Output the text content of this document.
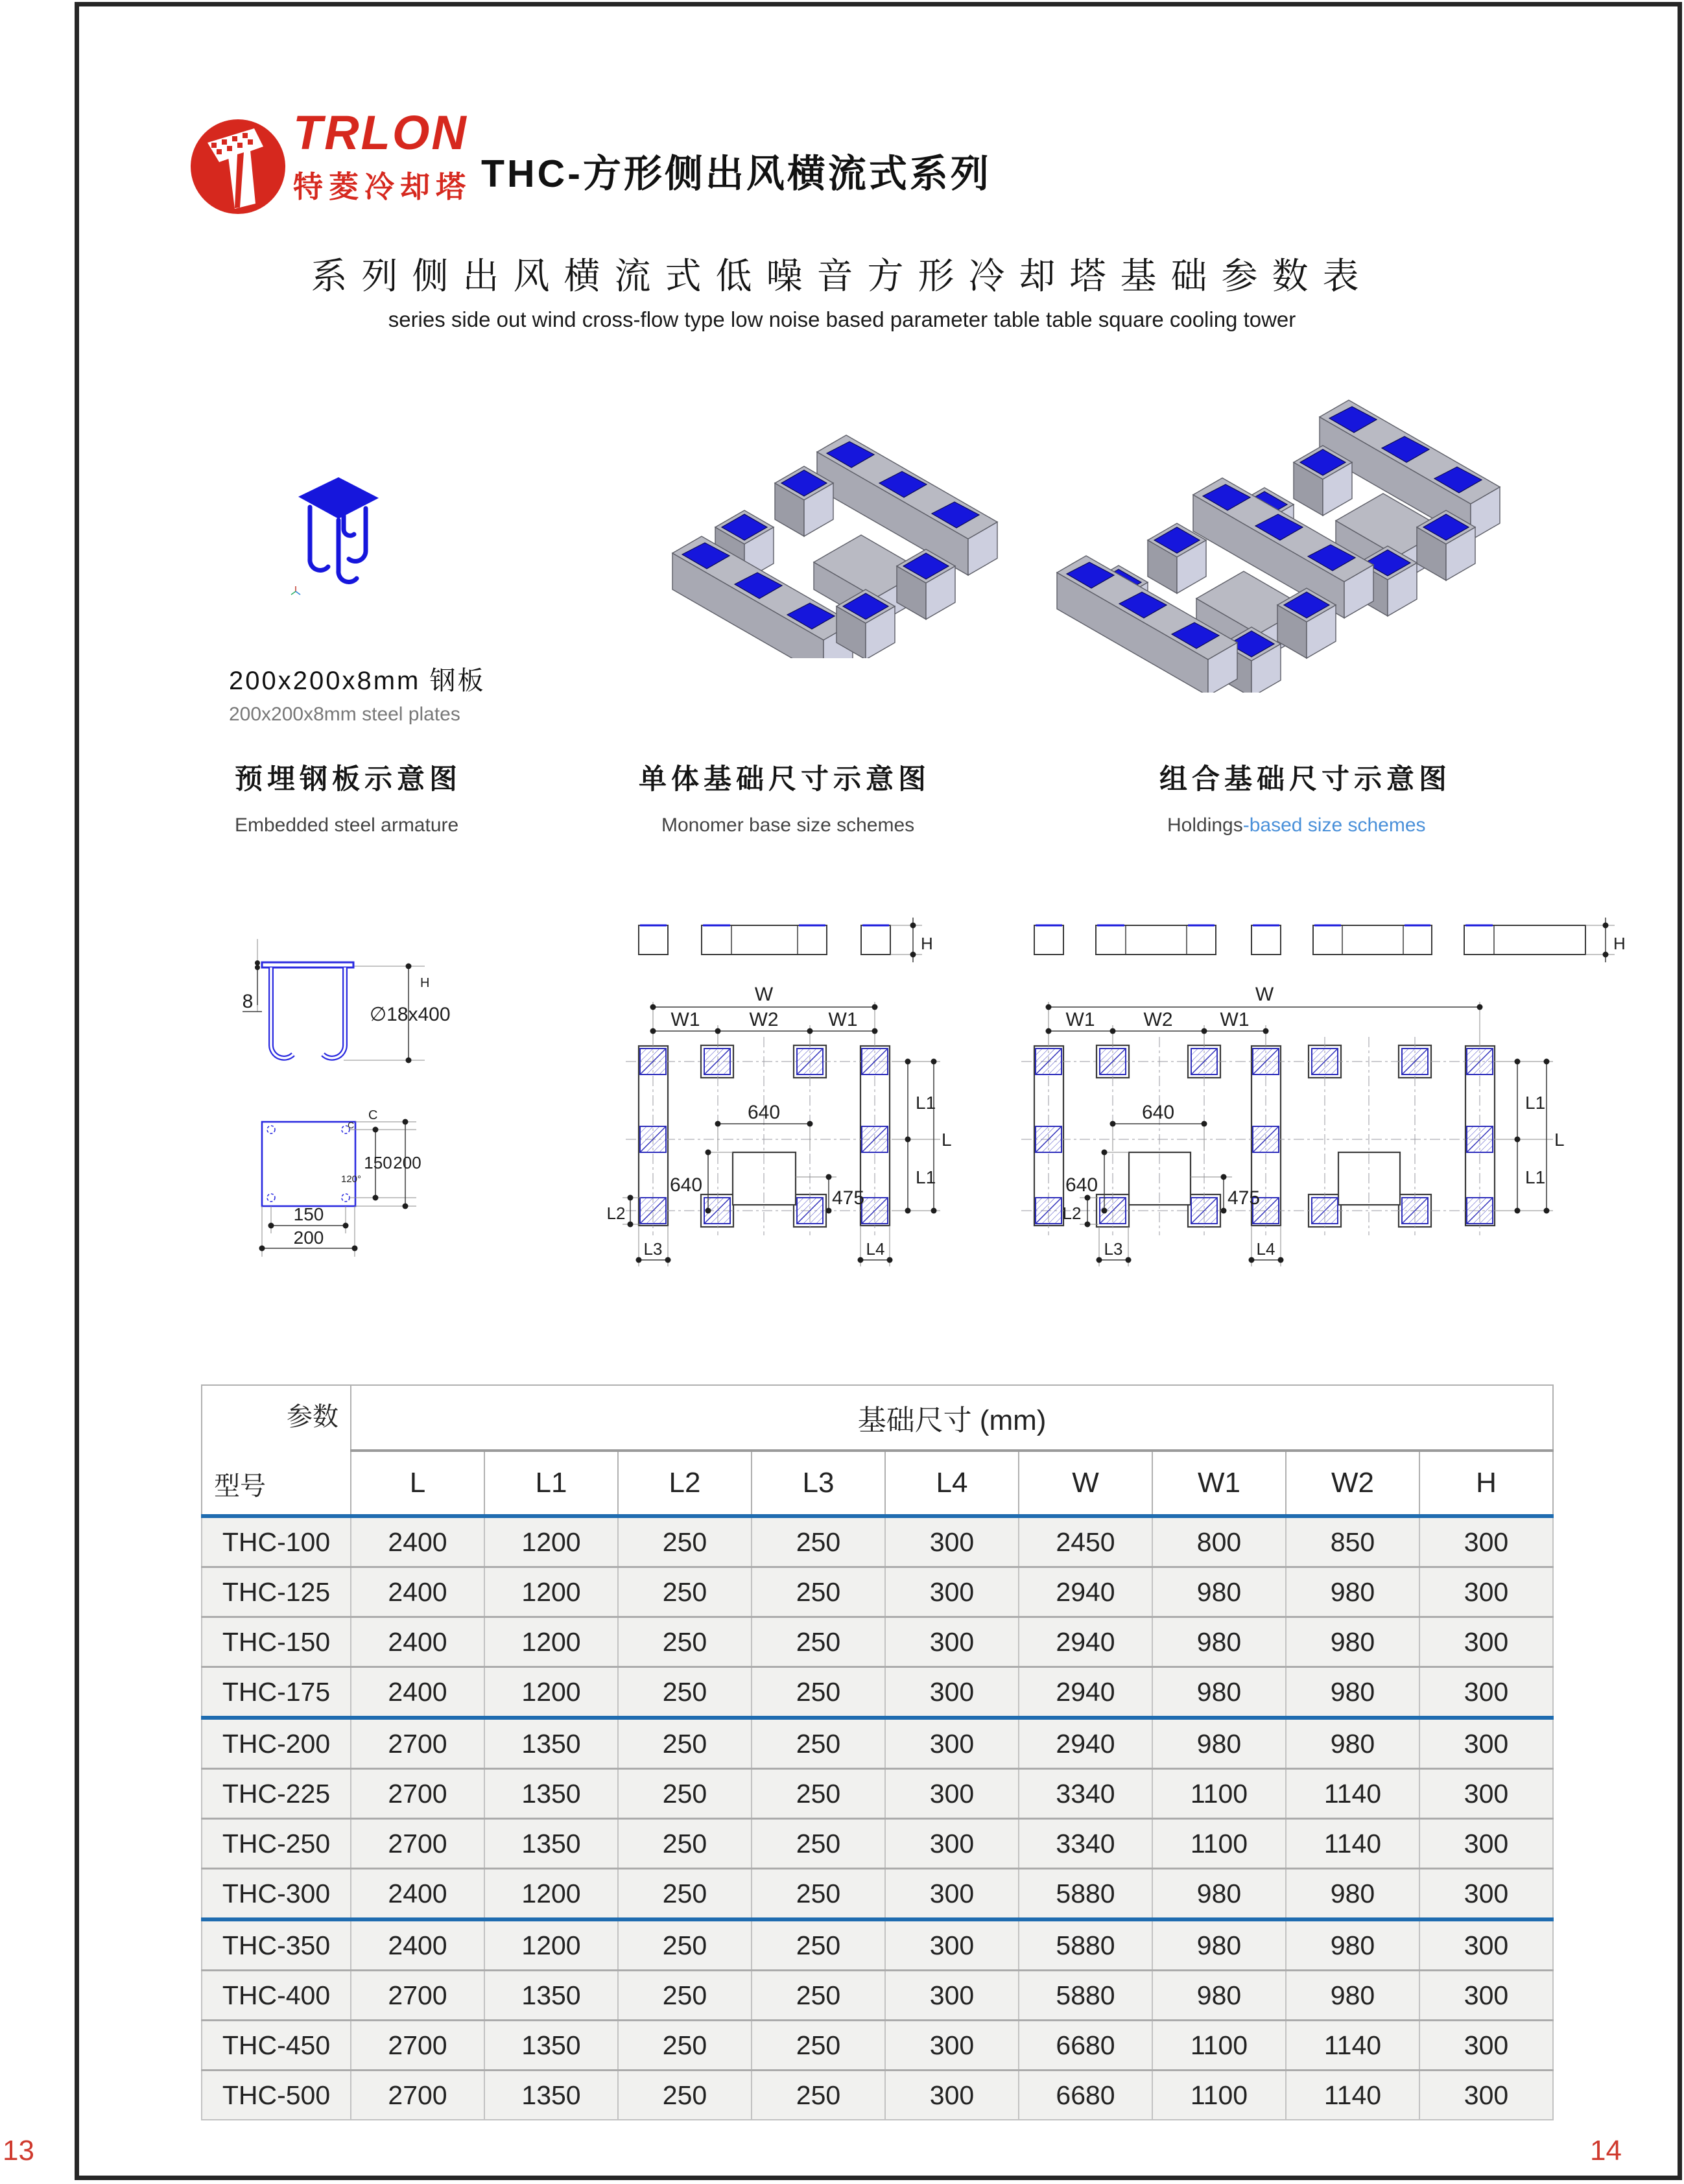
TRLON
特菱冷却塔 THC-方形侧出风横流式系列
系列侧出风横流式低噪音方形冷却塔基础参数表
series side out wind cross-flow type low noise based parameter table table square cooling tower
200x200x8mm 钢板
200x200x8mm steel plates
预埋钢板示意图
Embedded steel armature
单体基础尺寸示意图
Monomer base size schemes
组合基础尺寸示意图
Holdings-based size schemes
8
H
∅18x400
C
C
150 200
120°
150
200
H
W
W1	W2	W1
L1
L
L1
640
640
475
L2
L3	L4
H
W
W1	W2 W1
L1
L
L1
640
640
475
L2
L3	L4
参数
型号	基础尺寸 (mm)								
	L	L1	L2	L3	L4	W	W1	W2	H
THC-100	2400	1200	250	250	300	2450	800	850	300
THC-125	2400	1200	250	250	300	2940	980	980	300
THC-150	2400	1200	250	250	300	2940	980	980	300
THC-175	2400	1200	250	250	300	2940	980	980	300
THC-200	2700	1350	250	250	300	2940	980	980	300
THC-225	2700	1350	250	250	300	3340	1100	1140	300
THC-250	2700	1350	250	250	300	3340	1100	1140	300
THC-300	2400	1200	250	250	300	5880	980	980	300
THC-350	2400	1200	250	250	300	5880	980	980	300
THC-400	2700	1350	250	250	300	5880	980	980	300
THC-450	2700	1350	250	250	300	6680	1100	1140	300
THC-500	2700	1350	250	250	300	6680	1100	1140	300
13	14
